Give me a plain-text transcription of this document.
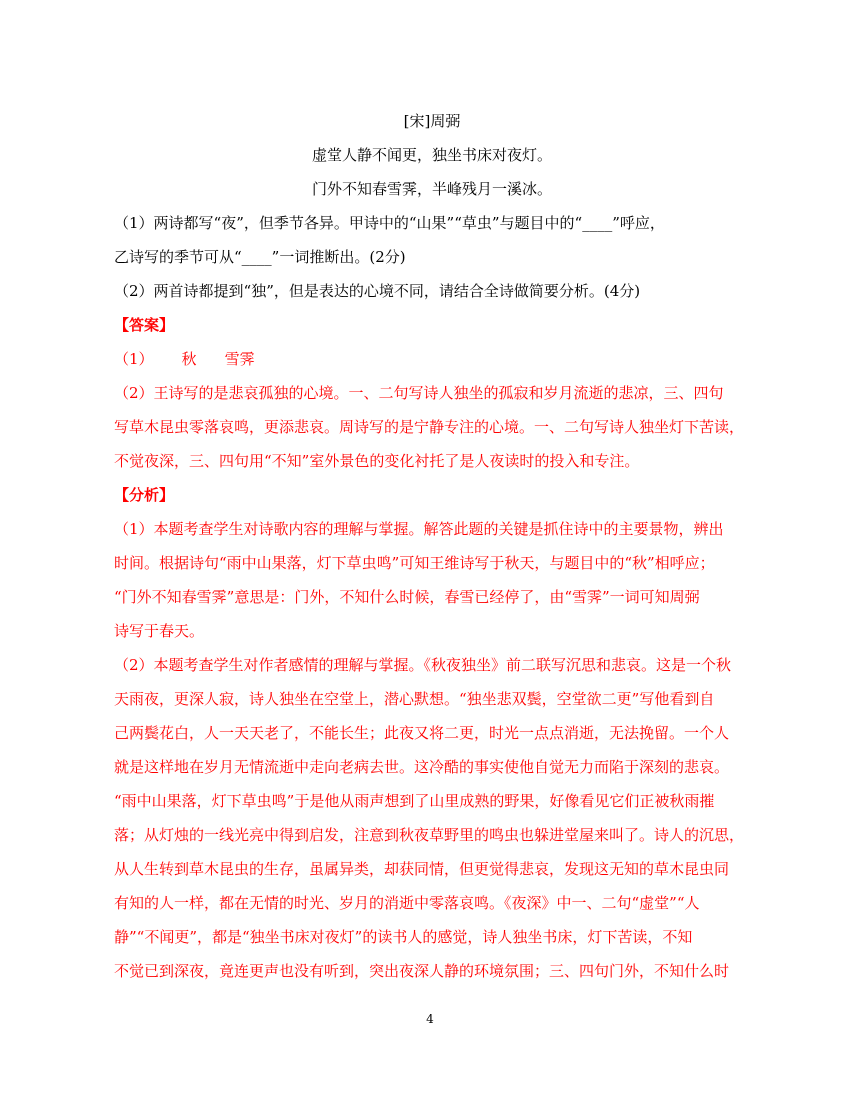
[宋]周弼
虚堂人静不闻更，独坐书床对夜灯。
门外不知春雪霁，半峰残月一溪冰。
（1）两诗都写“夜”，但季节各异。甲诗中的“山果”“草虫”与题目中的“____”呼应，
乙诗写的季节可从“____”一词推断出。(2分)
（2）两首诗都提到“独”，但是表达的心境不同，请结合全诗做简要分析。(4分)
【答案】
（1） 秋 雪霁
（2）王诗写的是悲哀孤独的心境。一、二句写诗人独坐的孤寂和岁月流逝的悲凉，三、四句
写草木昆虫零落哀鸣，更添悲哀。周诗写的是宁静专注的心境。一、二句写诗人独坐灯下苦读，
不觉夜深，三、四句用“不知”室外景色的变化衬托了是人夜读时的投入和专注。
【分析】
（1）本题考查学生对诗歌内容的理解与掌握。解答此题的关键是抓住诗中的主要景物，辨出
时间。根据诗句“雨中山果落，灯下草虫鸣”可知王维诗写于秋天，与题目中的“秋”相呼应；
“门外不知春雪霁”意思是：门外，不知什么时候，春雪已经停了，由“雪霁”一词可知周弼
诗写于春天。
（2）本题考查学生对作者感情的理解与掌握。《秋夜独坐》前二联写沉思和悲哀。这是一个秋
天雨夜，更深人寂，诗人独坐在空堂上，潜心默想。“独坐悲双鬓，空堂欲二更”写他看到自
己两鬓花白，人一天天老了，不能长生；此夜又将二更，时光一点点消逝，无法挽留。一个人
就是这样地在岁月无情流逝中走向老病去世。这冷酷的事实使他自觉无力而陷于深刻的悲哀。
“雨中山果落，灯下草虫鸣”于是他从雨声想到了山里成熟的野果，好像看见它们正被秋雨摧
落；从灯烛的一线光亮中得到启发，注意到秋夜草野里的鸣虫也躲进堂屋来叫了。诗人的沉思，
从人生转到草木昆虫的生存，虽属异类，却获同情，但更觉得悲哀，发现这无知的草木昆虫同
有知的人一样，都在无情的时光、岁月的消逝中零落哀鸣。《夜深》中一、二句“虚堂”“人
静”“不闻更”，都是“独坐书床对夜灯”的读书人的感觉，诗人独坐书床，灯下苦读，不知
不觉已到深夜，竟连更声也没有听到，突出夜深人静的环境氛围；三、四句门外，不知什么时
4
